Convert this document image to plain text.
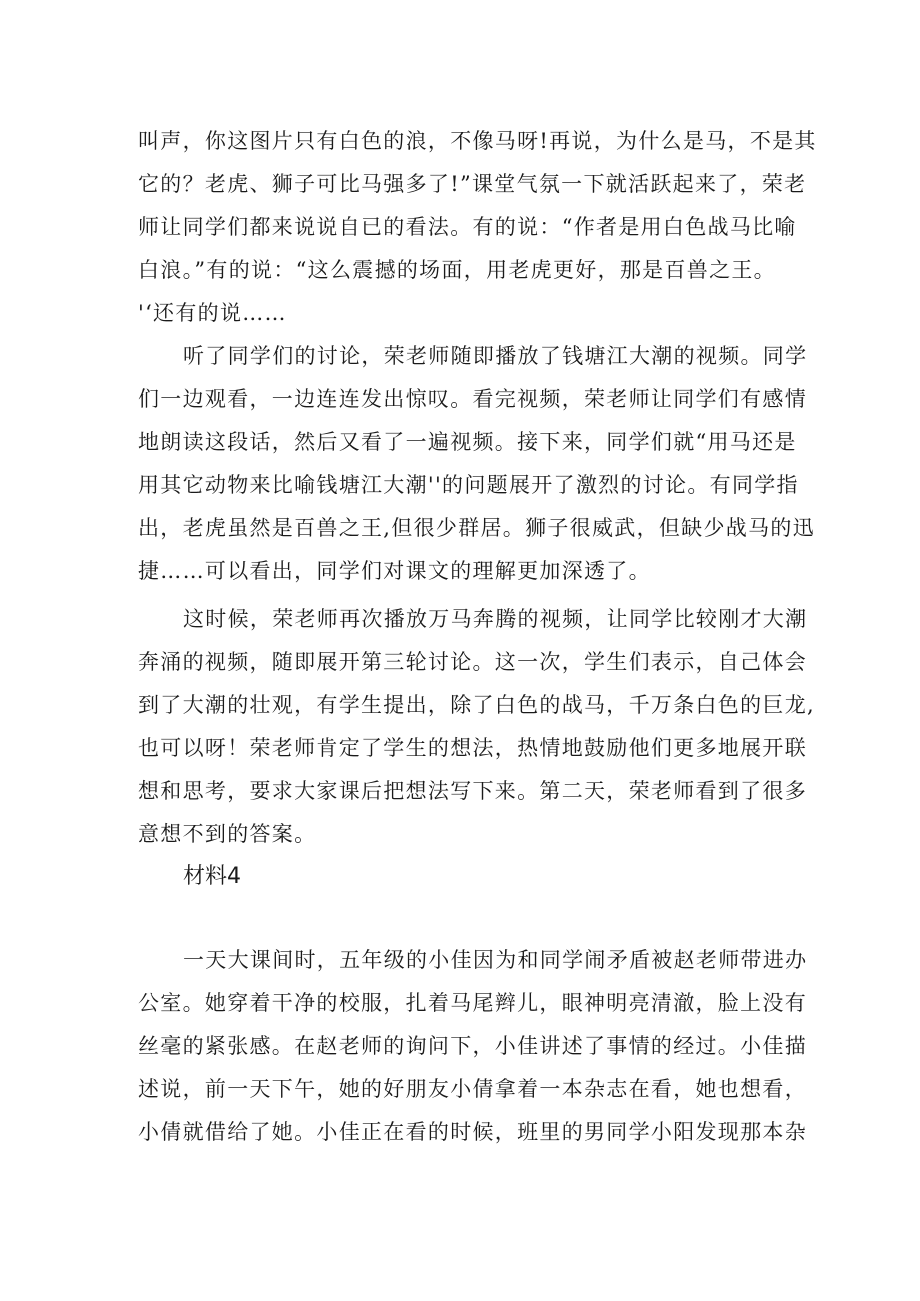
叫声，你这图片只有白色的浪，不像马呀!再说，为什么是马，不是其
它的？老虎、狮子可比马强多了!”课堂气氛一下就活跃起来了，荣老
师让同学们都来说说自已的看法。有的说：“作者是用白色战马比喻
白浪。”有的说：“这么震撼的场面，用老虎更好，那是百兽之王。
'‘还有的说……
听了同学们的讨论，荣老师随即播放了钱塘江大潮的视频。同学
们一边观看，一边连连发出惊叹。看完视频，荣老师让同学们有感情
地朗读这段话，然后又看了一遍视频。接下来，同学们就“用马还是
用其它动物来比喻钱塘江大潮''的问题展开了激烈的讨论。有同学指
出，老虎虽然是百兽之王,但很少群居。狮子很威武，但缺少战马的迅
捷……可以看出，同学们对课文的理解更加深透了。
这时候，荣老师再次播放万马奔腾的视频，让同学比较刚才大潮
奔涌的视频，随即展开第三轮讨论。这一次，学生们表示，自己体会
到了大潮的壮观，有学生提出，除了白色的战马，千万条白色的巨龙,
也可以呀！荣老师肯定了学生的想法，热情地鼓励他们更多地展开联
想和思考，要求大家课后把想法写下来。第二天，荣老师看到了很多
意想不到的答案。
材料4
一天大课间时，五年级的小佳因为和同学闹矛盾被赵老师带进办
公室。她穿着干净的校服，扎着马尾辫儿，眼神明亮清澈，脸上没有
丝毫的紧张感。在赵老师的询问下，小佳讲述了事情的经过。小佳描
述说，前一天下午，她的好朋友小倩拿着一本杂志在看，她也想看，
小倩就借给了她。小佳正在看的时候，班里的男同学小阳发现那本杂
